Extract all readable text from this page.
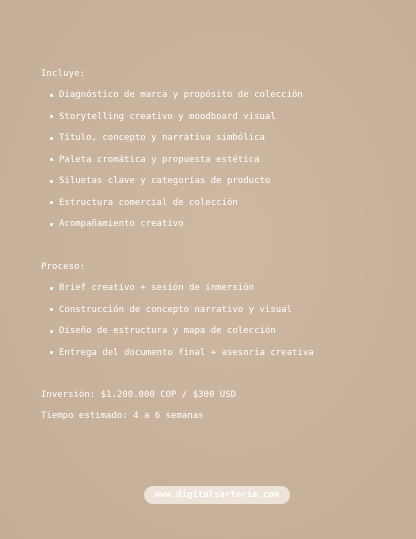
Incluye:
Diagnóstico de marca y propósito de colección
Storytelling creativo y moodboard visual
Título, concepto y narrativa simbólica
Paleta cromática y propuesta estética
Siluetas clave y categorías de producto
Estructura comercial de colección
Acompañamiento creativo
Proceso:
Brief creativo + sesión de inmersión
Construcción de concepto narrativo y visual
Diseño de estructura y mapa de colección
Entrega del documento final + asesoría creativa
Inversión: $1.200.000 COP / $300 USD
Tiempo estimado: 4 a 6 semanas
www.digitalsartoria.com
